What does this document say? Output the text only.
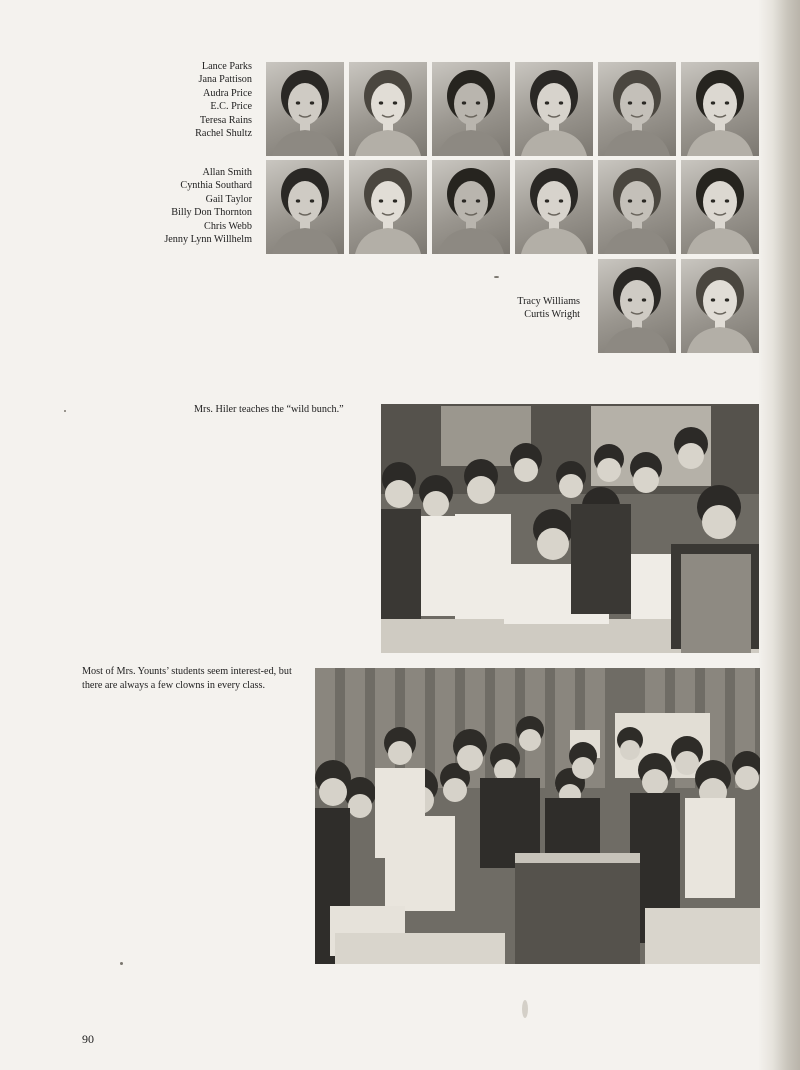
Lance Parks
Jana Pattison
Audra Price
E.C. Price
Teresa Rains
Rachel Shultz
Allan Smith
Cynthia Southard
Gail Taylor
Billy Don Thornton
Chris Webb
Jenny Lynn Willhelm
Tracy Williams
Curtis Wright
Mrs. Hiler teaches the “wild bunch.”
Most of Mrs. Younts’ students seem interest-ed, but there are always a few clowns in every class.
90
